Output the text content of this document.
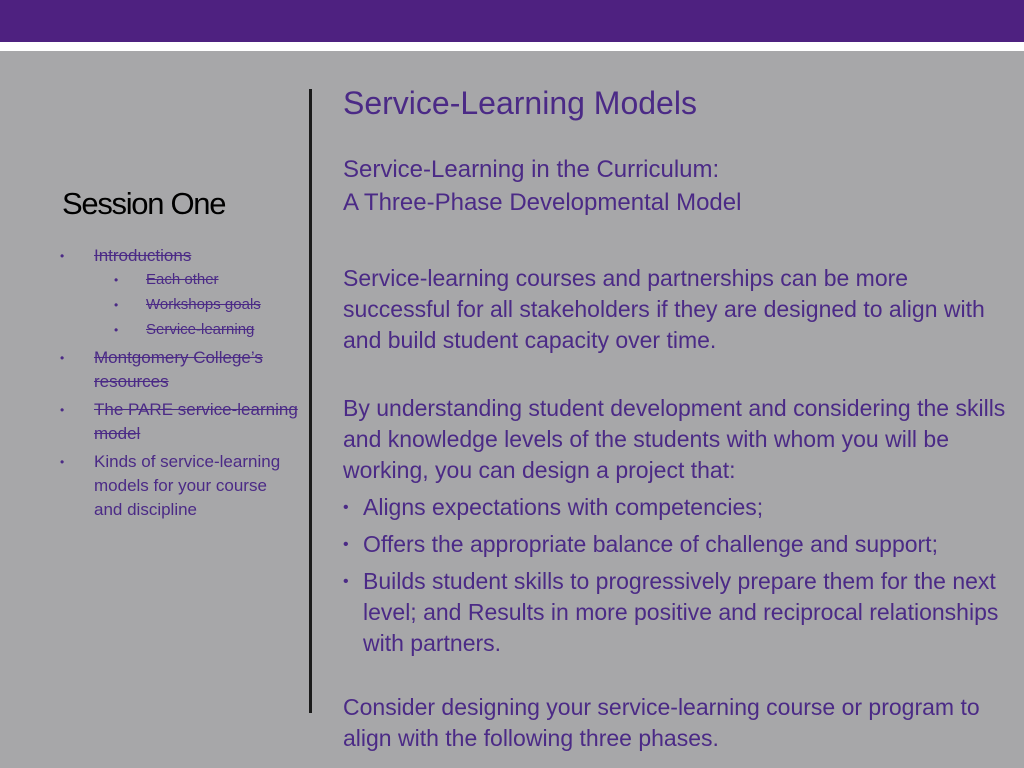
Session One
• Introductions
• Each other
• Workshops goals
• Service-learning
• Montgomery College’s resources
• The PARE service-learning model
• Kinds of service-learning models for your course and discipline
Service-Learning Models

Service-Learning in the Curriculum:

A Three-Phase Developmental Model

Service-learning courses and partnerships can be more successful for all stakeholders if they are designed to align with and build student capacity over time.

By understanding student development and considering the skills and knowledge levels of the students with whom you will be working, you can design a project that:

• Aligns expectations with competencies;
• Offers the appropriate balance of challenge and support;
• Builds student skills to progressively prepare them for the next level; and Results in more positive and reciprocal relationships with partners.

Consider designing your service-learning course or program to align with the following three phases.
